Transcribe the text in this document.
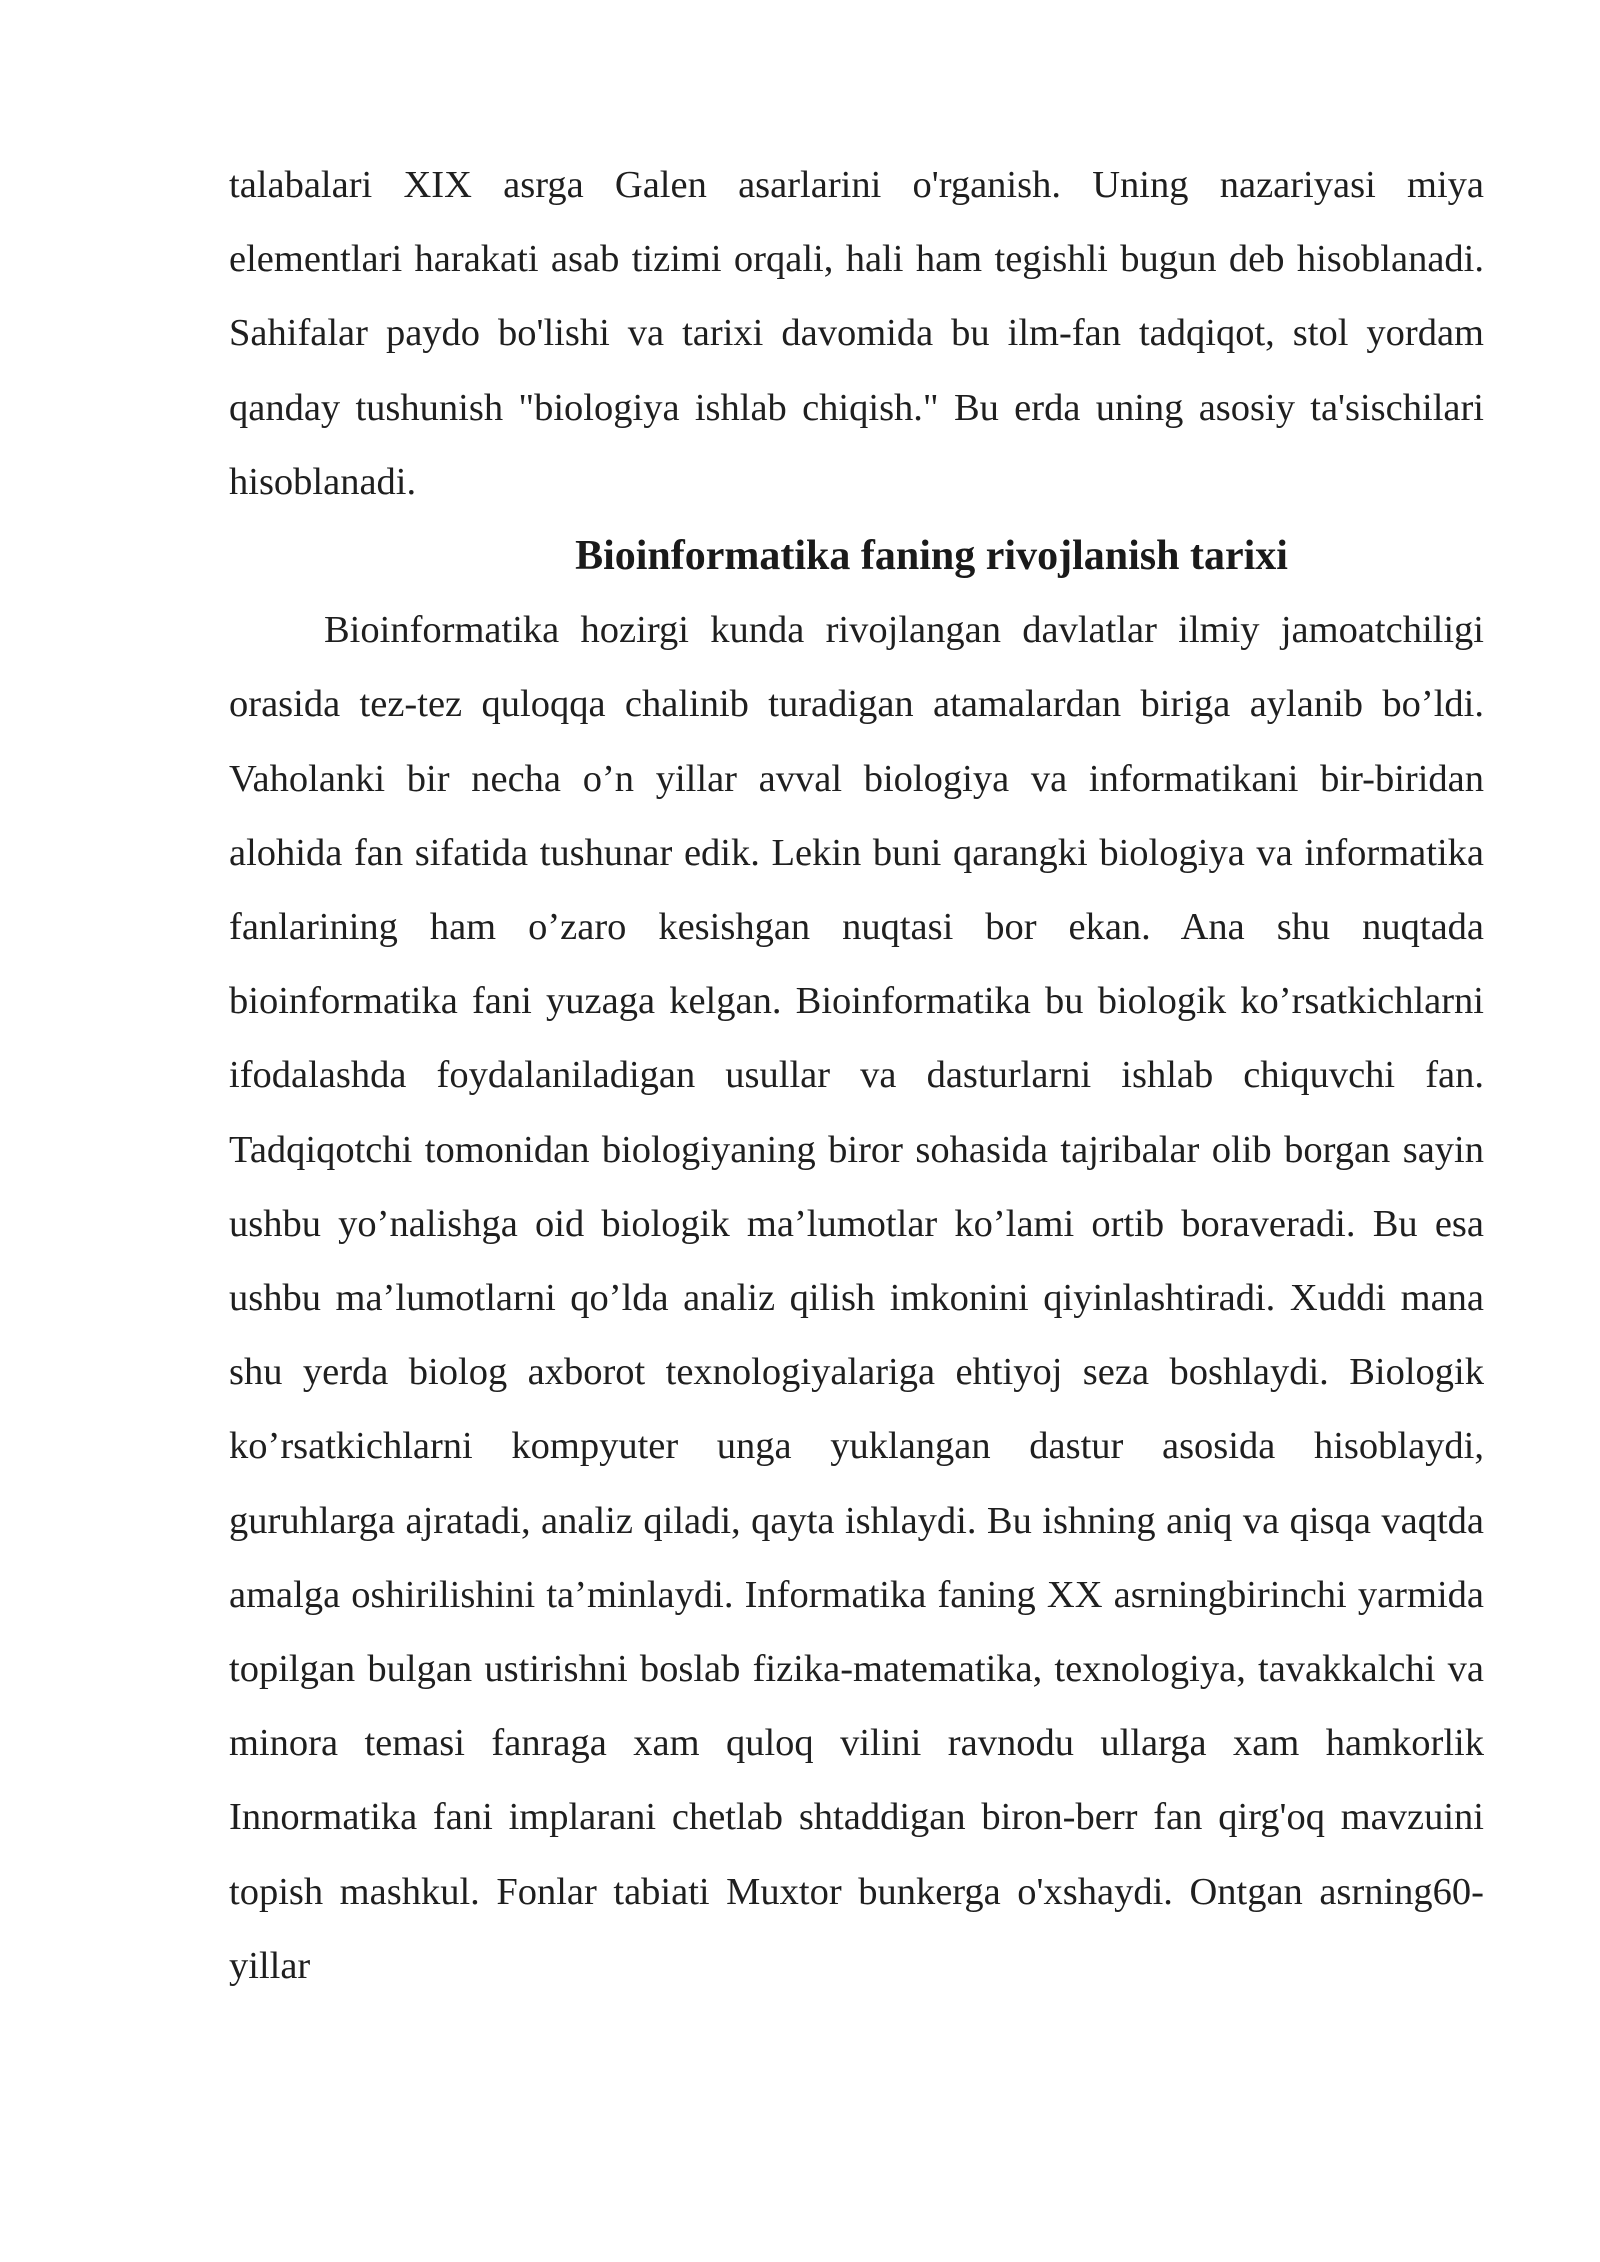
talabalari XIX asrga Galen asarlarini o'rganish. Uning nazariyasi miya elementlari harakati asab tizimi orqali, hali ham tegishli bugun deb hisoblanadi. Sahifalar paydo bo'lishi va tarixi davomida bu ilm-fan tadqiqot, stol yordam qanday tushunish "biologiya ishlab chiqish." Bu erda uning asosiy ta'sischilari hisoblanadi.

Bioinformatika faning rivojlanish tarixi

Bioinformatika hozirgi kunda rivojlangan davlatlar ilmiy jamoatchiligi orasida tez-tez quloqqa chalinib turadigan atamalardan biriga aylanib bo’ldi. Vaholanki bir necha o’n yillar avval biologiya va informatikani bir-biridan alohida fan sifatida tushunar edik. Lekin buni qarangki biologiya va informatika fanlarining ham o’zaro kesishgan nuqtasi bor ekan. Ana shu nuqtada bioinformatika fani yuzaga kelgan. Bioinformatika bu biologik ko’rsatkichlarni ifodalashda foydalaniladigan usullar va dasturlarni ishlab chiquvchi fan. Tadqiqotchi tomonidan biologiyaning biror sohasida tajribalar olib borgan sayin ushbu yo’nalishga oid biologik ma’lumotlar ko’lami ortib boraveradi. Bu esa ushbu ma’lumotlarni qo’lda analiz qilish imkonini qiyinlashtiradi. Xuddi mana shu yerda biolog axborot texnologiyalariga ehtiyoj seza boshlaydi. Biologik ko’rsatkichlarni kompyuter unga yuklangan dastur asosida hisoblaydi, guruhlarga ajratadi, analiz qiladi, qayta ishlaydi. Bu ishning aniq va qisqa vaqtda amalga oshirilishini ta’minlaydi. Informatika faning XX asrningbirinchi yarmida topilgan bulgan ustirishni boslab fizika-matematika, texnologiya, tavakkalchi va minora temasi fanraga xam quloq vilini ravnodu ullarga xam hamkorlik Innormatika fani implarani chetlab shtaddigan biron-berr fan qirg'oq mavzuini topish mashkul. Fonlar tabiati Muxtor bunkerga o'xshaydi. Ontgan asrning60-yillar
